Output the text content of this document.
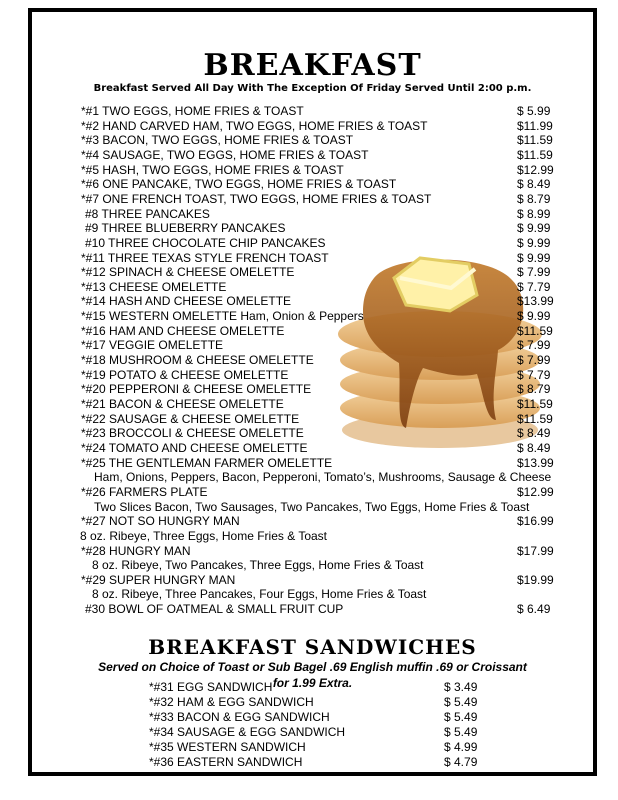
BREAKFAST
Breakfast Served All Day With The Exception Of Friday Served Until 2:00 p.m.
*#1 TWO EGGS, HOME FRIES & TOAST	$ 5.99
*#2 HAND CARVED HAM, TWO EGGS, HOME FRIES & TOAST	$11.99
*#3 BACON, TWO EGGS, HOME FRIES & TOAST	$11.59
*#4 SAUSAGE, TWO EGGS, HOME FRIES & TOAST	$11.59
*#5 HASH, TWO EGGS, HOME FRIES & TOAST	$12.99
*#6 ONE PANCAKE, TWO EGGS, HOME FRIES & TOAST	$ 8.49
*#7 ONE FRENCH TOAST, TWO EGGS, HOME FRIES & TOAST	$ 8.79
#8 THREE PANCAKES	$ 8.99
#9 THREE BLUEBERRY PANCAKES	$ 9.99
#10 THREE CHOCOLATE CHIP PANCAKES	$ 9.99
*#11 THREE TEXAS STYLE FRENCH TOAST	$ 9.99
*#12 SPINACH & CHEESE OMELETTE	$ 7.99
*#13 CHEESE OMELETTE	$ 7.79
*#14 HASH AND CHEESE OMELETTE	$13.99
*#15 WESTERN OMELETTE Ham, Onion & Peppers	$ 9.99
*#16 HAM AND CHEESE OMELETTE	$11.59
*#17 VEGGIE OMELETTE	$ 7.99
*#18 MUSHROOM & CHEESE OMELETTE	$ 7.99
*#19 POTATO & CHEESE OMELETTE	$ 7.79
*#20 PEPPERONI & CHEESE OMELETTE	$ 8.79
*#21 BACON & CHEESE OMELETTE	$11.59
*#22 SAUSAGE & CHEESE OMELETTE	$11.59
*#23 BROCCOLI & CHEESE OMELETTE	$ 8.49
*#24 TOMATO AND CHEESE OMELETTE	$ 8.49
*#25 THE GENTLEMAN FARMER OMELETTE	$13.99
Ham, Onions, Peppers, Bacon, Pepperoni, Tomato’s, Mushrooms, Sausage & Cheese
*#26 FARMERS PLATE	$12.99
Two Slices Bacon, Two Sausages, Two Pancakes, Two Eggs, Home Fries & Toast
*#27 NOT SO HUNGRY MAN	$16.99
8 oz. Ribeye, Three Eggs, Home Fries & Toast
*#28 HUNGRY MAN	$17.99
8 oz. Ribeye, Two Pancakes, Three Eggs, Home Fries & Toast
*#29 SUPER HUNGRY MAN	$19.99
8 oz. Ribeye, Three Pancakes, Four Eggs, Home Fries & Toast
#30 BOWL OF OATMEAL & SMALL FRUIT CUP	$ 6.49
BREAKFAST SANDWICHES
Served on Choice of Toast or Sub Bagel .69 English muffin .69 or Croissant
for 1.99 Extra.
*#31 EGG SANDWICH	$ 3.49
*#32 HAM & EGG SANDWICH	$ 5.49
*#33 BACON & EGG SANDWICH	$ 5.49
*#34 SAUSAGE & EGG SANDWICH	$ 5.49
*#35 WESTERN SANDWICH	$ 4.99
*#36 EASTERN SANDWICH	$ 4.79
